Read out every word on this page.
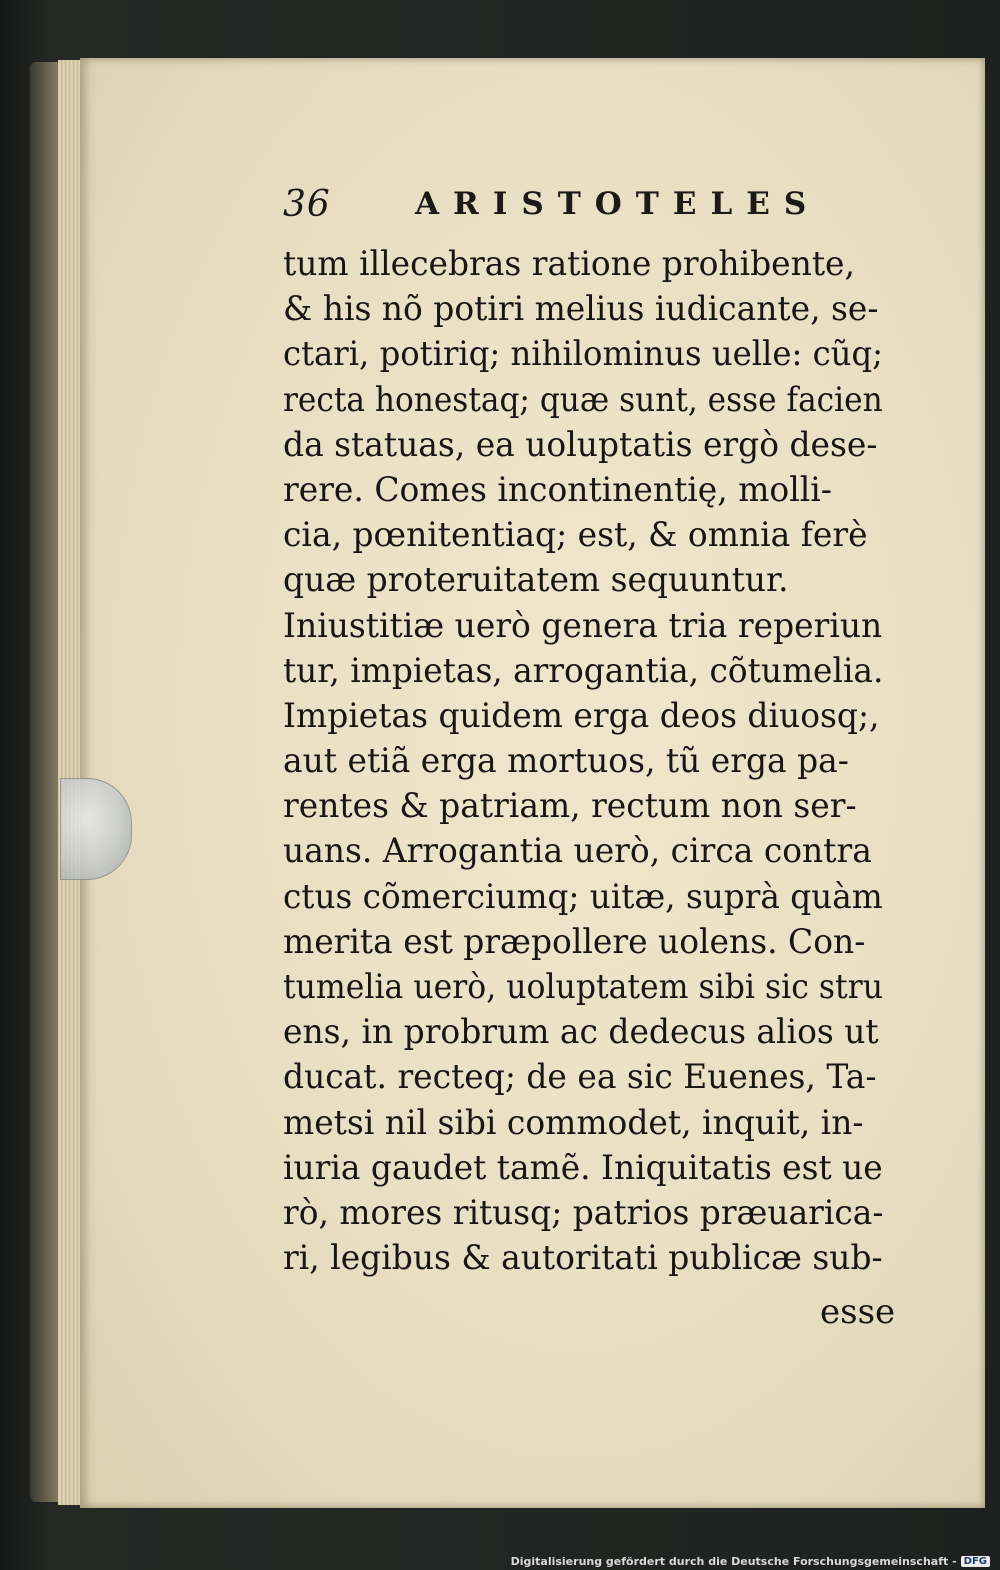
36	ARISTOTELES
tum illecebras ratione prohibente,
& his nõ potiri melius iudicante, se-
ctari, potiriq; nihilominus uelle: cũq;
recta honestaq; quæ sunt, esse facien
da statuas, ea uoluptatis ergò dese-
rere. Comes incontinentię, molli-
cia, pœnitentiaq; est, & omnia ferè
quæ proteruitatem sequuntur.
Iniustitiæ uerò genera tria reperiun
tur, impietas, arrogantia, cõtumelia.
Impietas quidem erga deos diuosq;,
aut etiã erga mortuos, tũ erga pa-
rentes & patriam, rectum non ser-
uans. Arrogantia uerò, circa contra
ctus cõmerciumq; uitæ, suprà quàm
merita est præpollere uolens. Con-
tumelia uerò, uoluptatem sibi sic stru
ens, in probrum ac dedecus alios ut
ducat. recteq; de ea sic Euenes, Ta-
metsi nil sibi commodet, inquit, in-
iuria gaudet tamẽ. Iniquitatis est ue
rò, mores ritusq; patrios præuarica-
ri, legibus & autoritati publicæ sub-
esse
Digitalisierung gefördert durch die Deutsche Forschungsgemeinschaft - DFG
